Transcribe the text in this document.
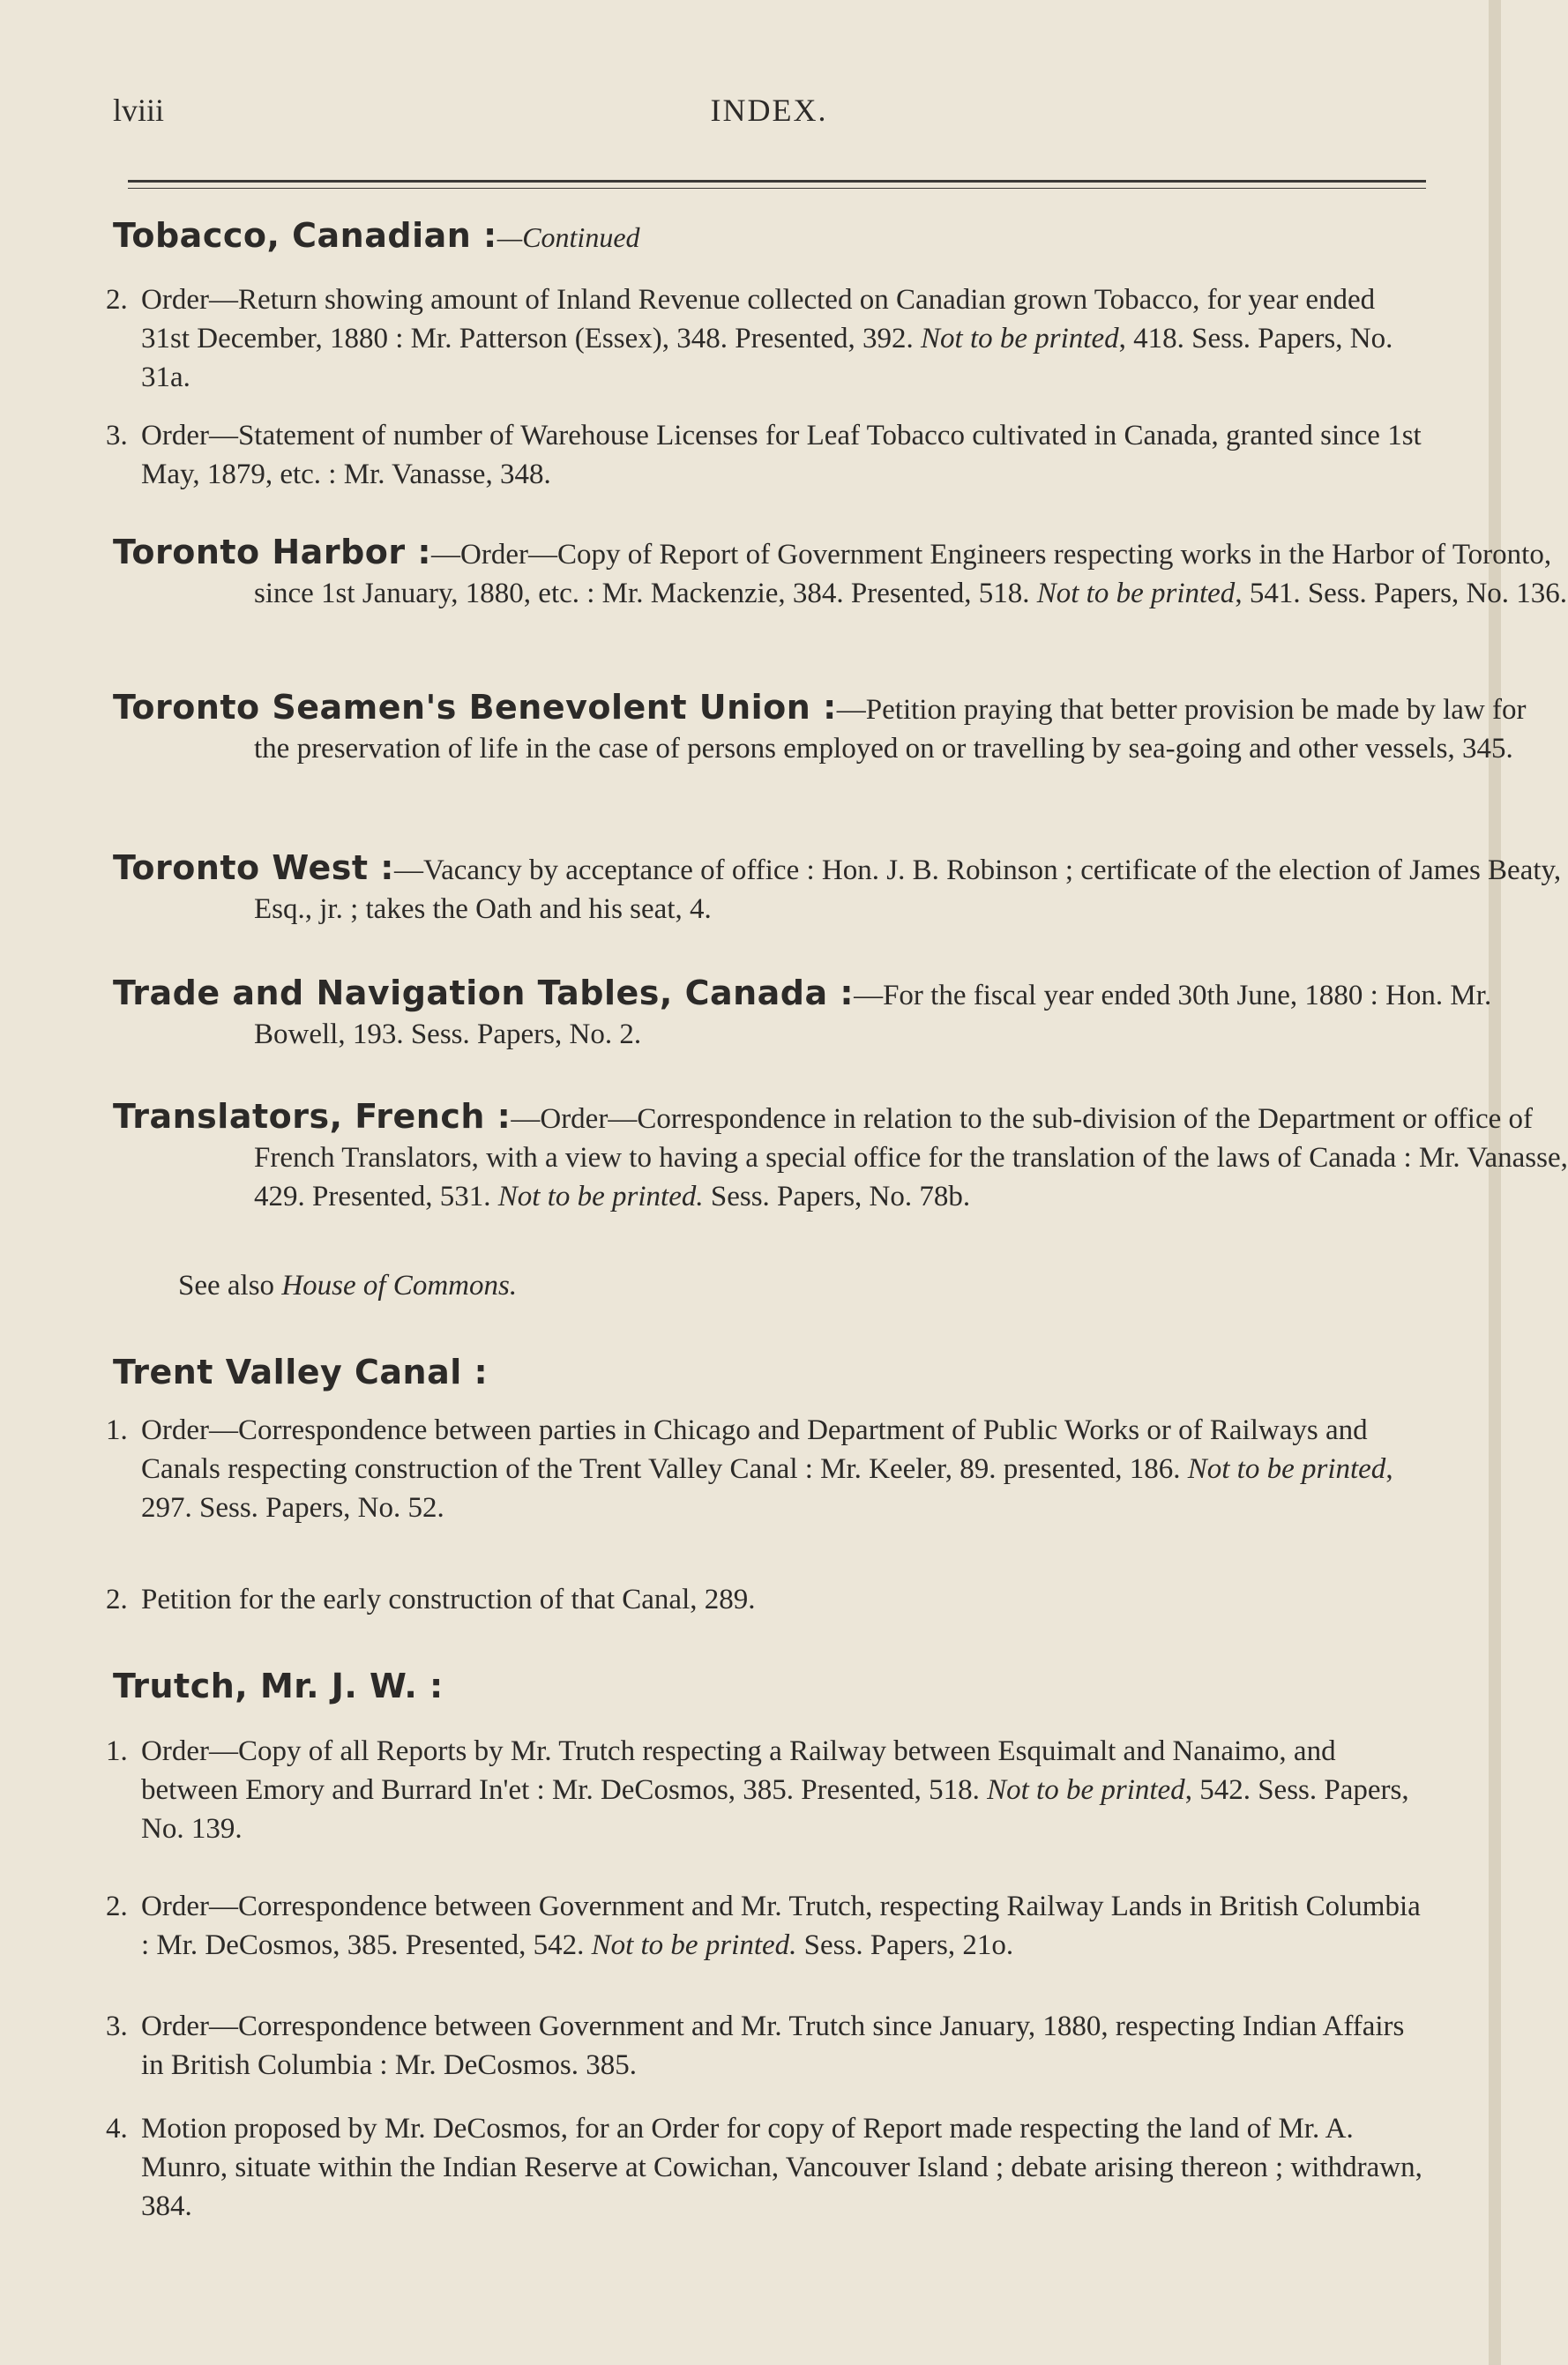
lviii	INDEX.
Tobacco, Canadian :—Continued
2. Order—Return showing amount of Inland Revenue collected on Canadian grown Tobacco, for year ended 31st December, 1880 : Mr. Patterson (Essex), 348. Presented, 392. Not to be printed, 418. Sess. Papers, No. 31a.
3. Order—Statement of number of Warehouse Licenses for Leaf Tobacco cultivated in Canada, granted since 1st May, 1879, etc. : Mr. Vanasse, 348.
Toronto Harbor :—Order—Copy of Report of Government Engineers respecting works in the Harbor of Toronto, since 1st January, 1880, etc. : Mr. Mackenzie, 384. Presented, 518. Not to be printed, 541. Sess. Papers, No. 136.
Toronto Seamen's Benevolent Union :—Petition praying that better provision be made by law for the preservation of life in the case of persons employed on or travelling by sea-going and other vessels, 345.
Toronto West :—Vacancy by acceptance of office : Hon. J. B. Robinson ; certificate of the election of James Beaty, Esq., jr. ; takes the Oath and his seat, 4.
Trade and Navigation Tables, Canada :—For the fiscal year ended 30th June, 1880 : Hon. Mr. Bowell, 193. Sess. Papers, No. 2.
Translators, French :—Order—Correspondence in relation to the sub-division of the Department or office of French Translators, with a view to having a special office for the translation of the laws of Canada : Mr. Vanasse, 429. Presented, 531. Not to be printed. Sess. Papers, No. 78b.
See also House of Commons.
Trent Valley Canal :
1. Order—Correspondence between parties in Chicago and Department of Public Works or of Railways and Canals respecting construction of the Trent Valley Canal : Mr. Keeler, 89. presented, 186. Not to be printed, 297. Sess. Papers, No. 52.
2. Petition for the early construction of that Canal, 289.
Trutch, Mr. J. W. :
1. Order—Copy of all Reports by Mr. Trutch respecting a Railway between Esquimalt and Nanaimo, and between Emory and Burrard In'et : Mr. DeCosmos, 385. Presented, 518. Not to be printed, 542. Sess. Papers, No. 139.
2. Order—Correspondence between Government and Mr. Trutch, respecting Railway Lands in British Columbia : Mr. DeCosmos, 385. Presented, 542. Not to be printed. Sess. Papers, 21o.
3. Order—Correspondence between Government and Mr. Trutch since January, 1880, respecting Indian Affairs in British Columbia : Mr. DeCosmos. 385.
4. Motion proposed by Mr. DeCosmos, for an Order for copy of Report made respecting the land of Mr. A. Munro, situate within the Indian Reserve at Cowichan, Vancouver Island ; debate arising thereon ; withdrawn, 384.
